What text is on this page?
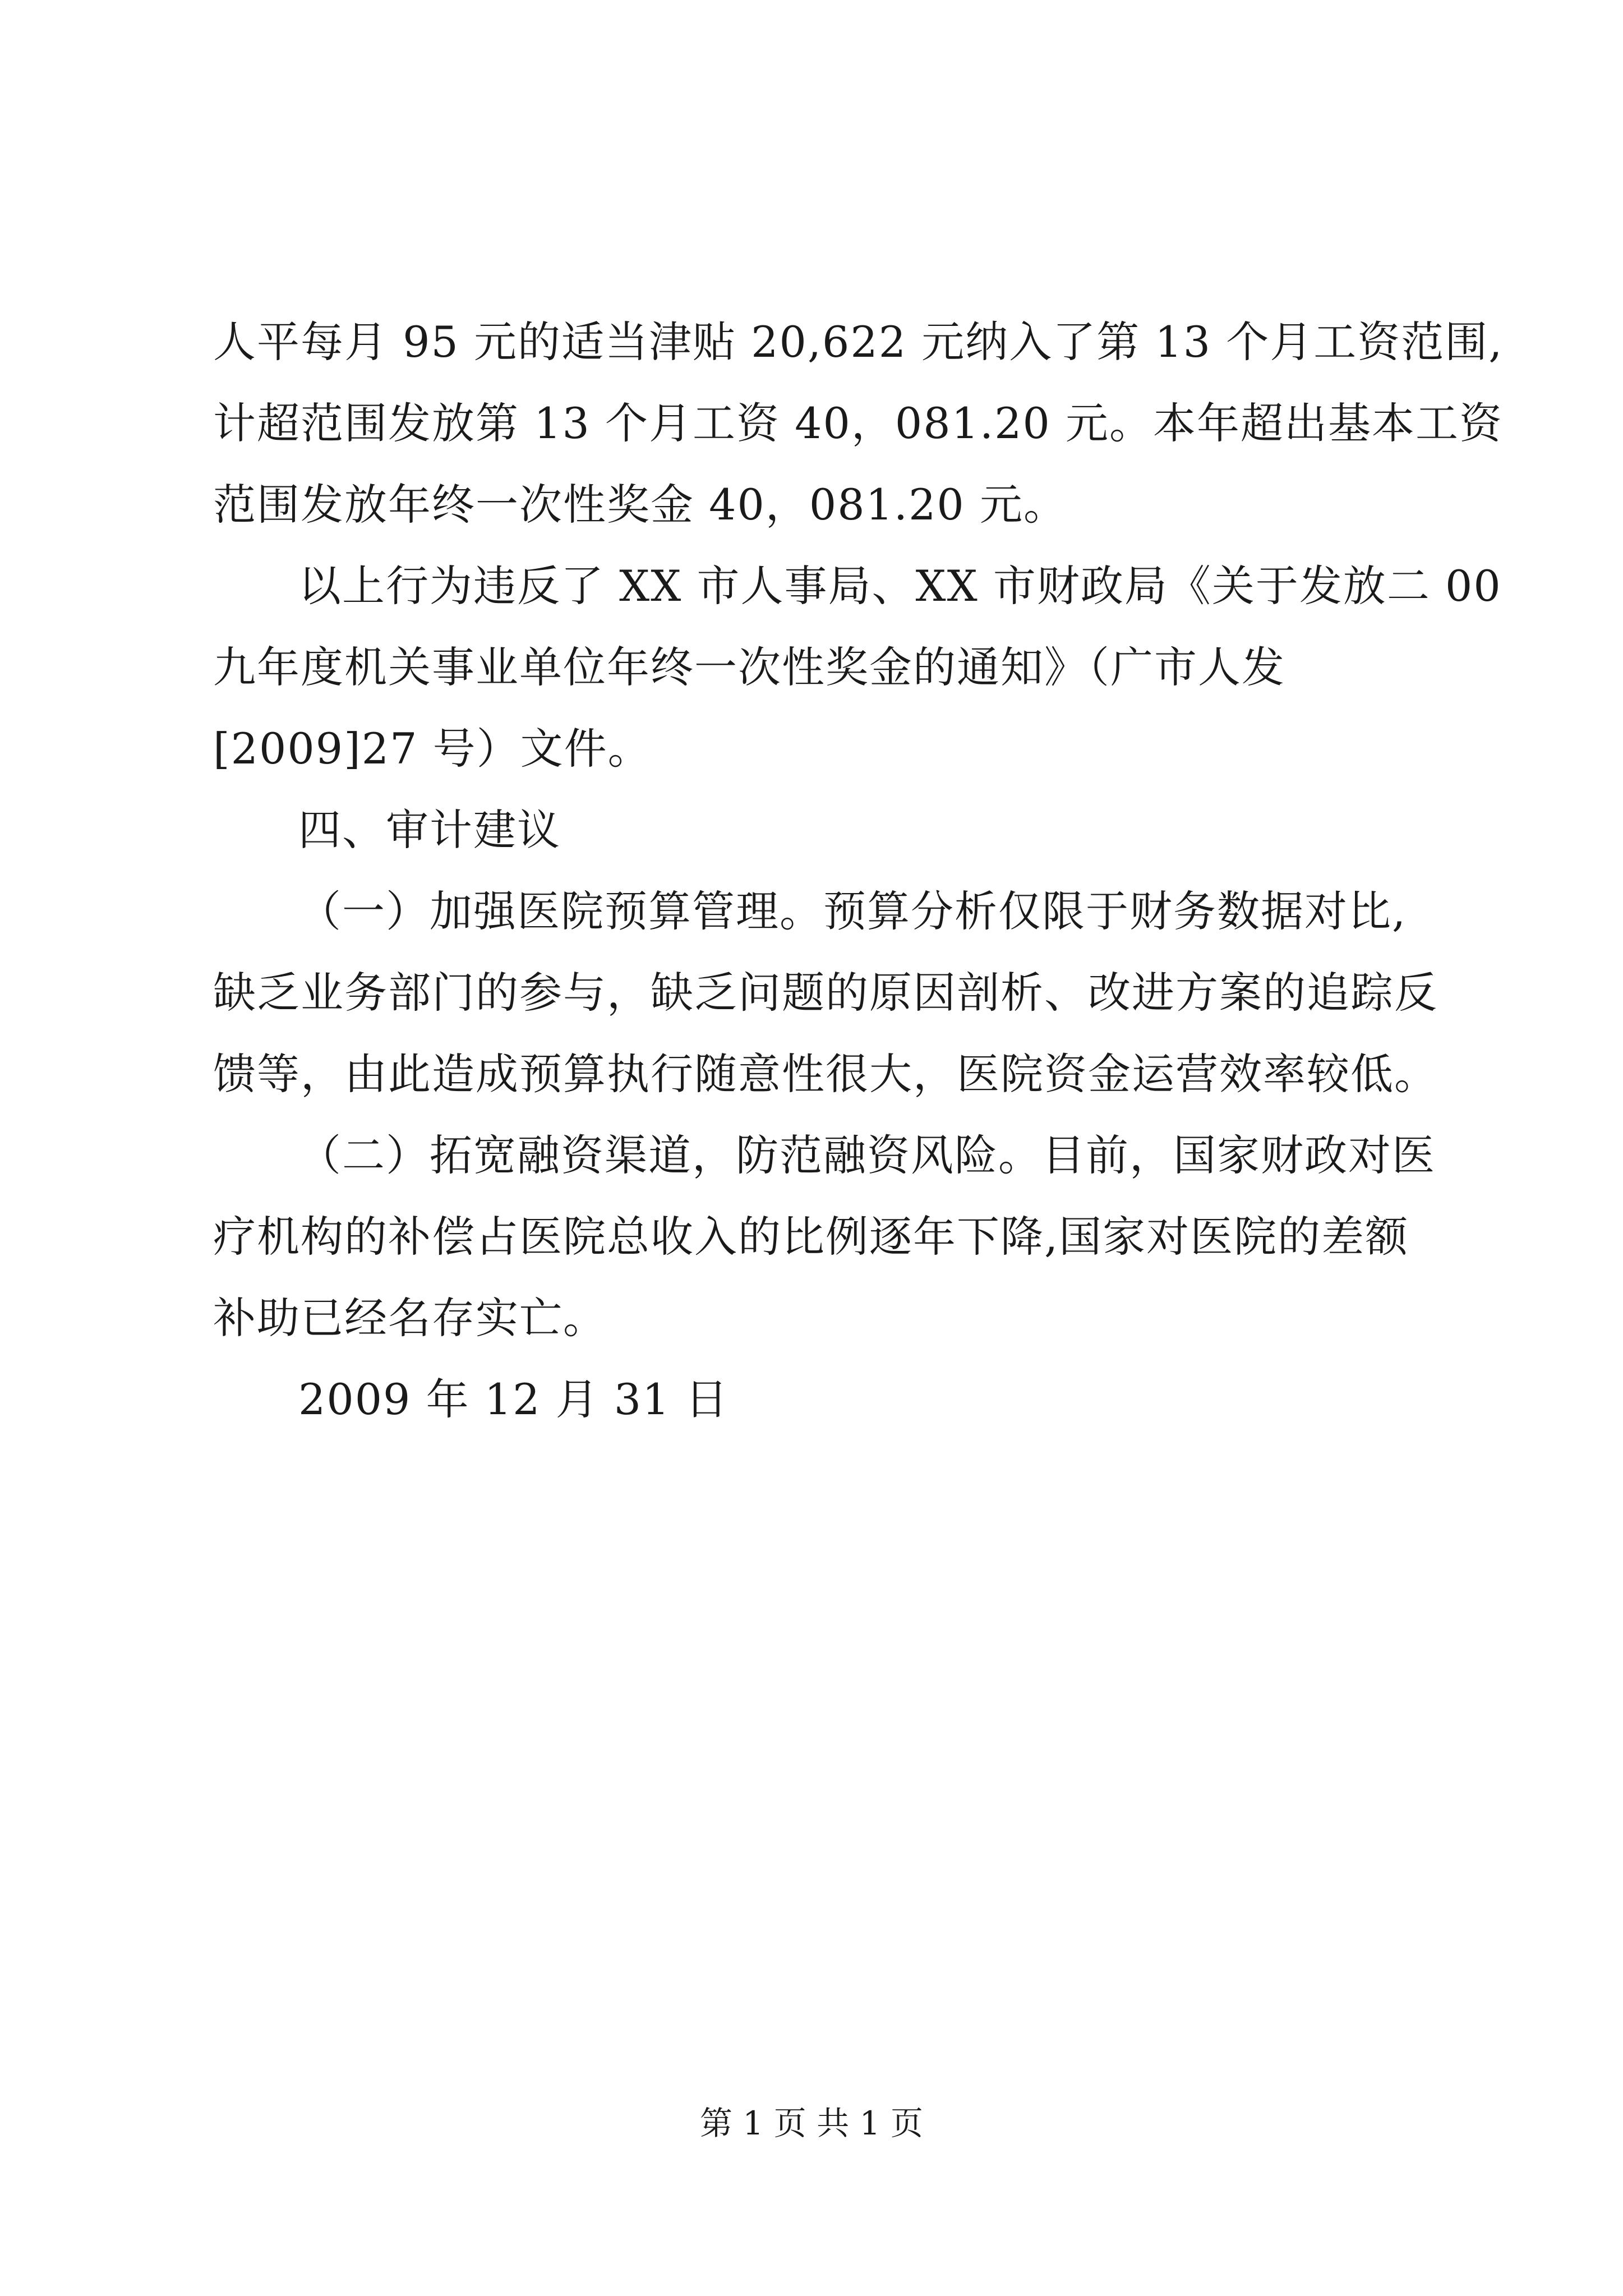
人平每月 95 元的适当津贴 20,622 元纳入了第 13 个月工资范围,
计超范围发放第 13 个月工资 40，081.20 元。本年超出基本工资
范围发放年终一次性奖金 40，081.20 元。
以上行为违反了 XX 市人事局、XX 市财政局《关于发放二 00
九年度机关事业单位年终一次性奖金的通知》（广市人发
[2009]27 号）文件。
四、审计建议
（一）加强医院预算管理。预算分析仅限于财务数据对比,
缺乏业务部门的参与，缺乏问题的原因剖析、改进方案的追踪反
馈等，由此造成预算执行随意性很大，医院资金运营效率较低。
（二）拓宽融资渠道，防范融资风险。目前，国家财政对医
疗机构的补偿占医院总收入的比例逐年下降,国家对医院的差额
补助已经名存实亡。
2009 年 12 月 31 日
第 1 页 共 1 页
